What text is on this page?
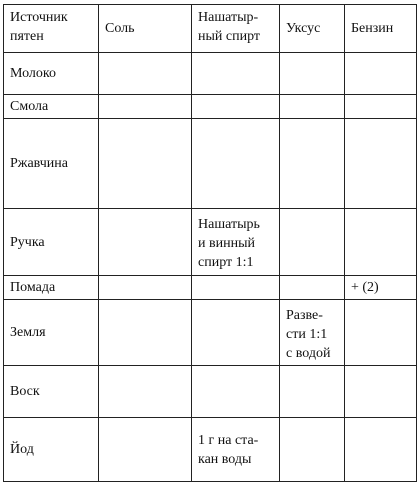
Источник
пятен	Соль	Нашатыр-
ный спирт	Уксус	Бензин
Молоко				
Смола				
Ржавчина				
Ручка		Нашатырь
и винный
спирт 1:1		
Помада				+ (2)
Земля			Разве-
сти 1:1
с водой	
Воск				
Йод		1 г на ста-
кан воды		
